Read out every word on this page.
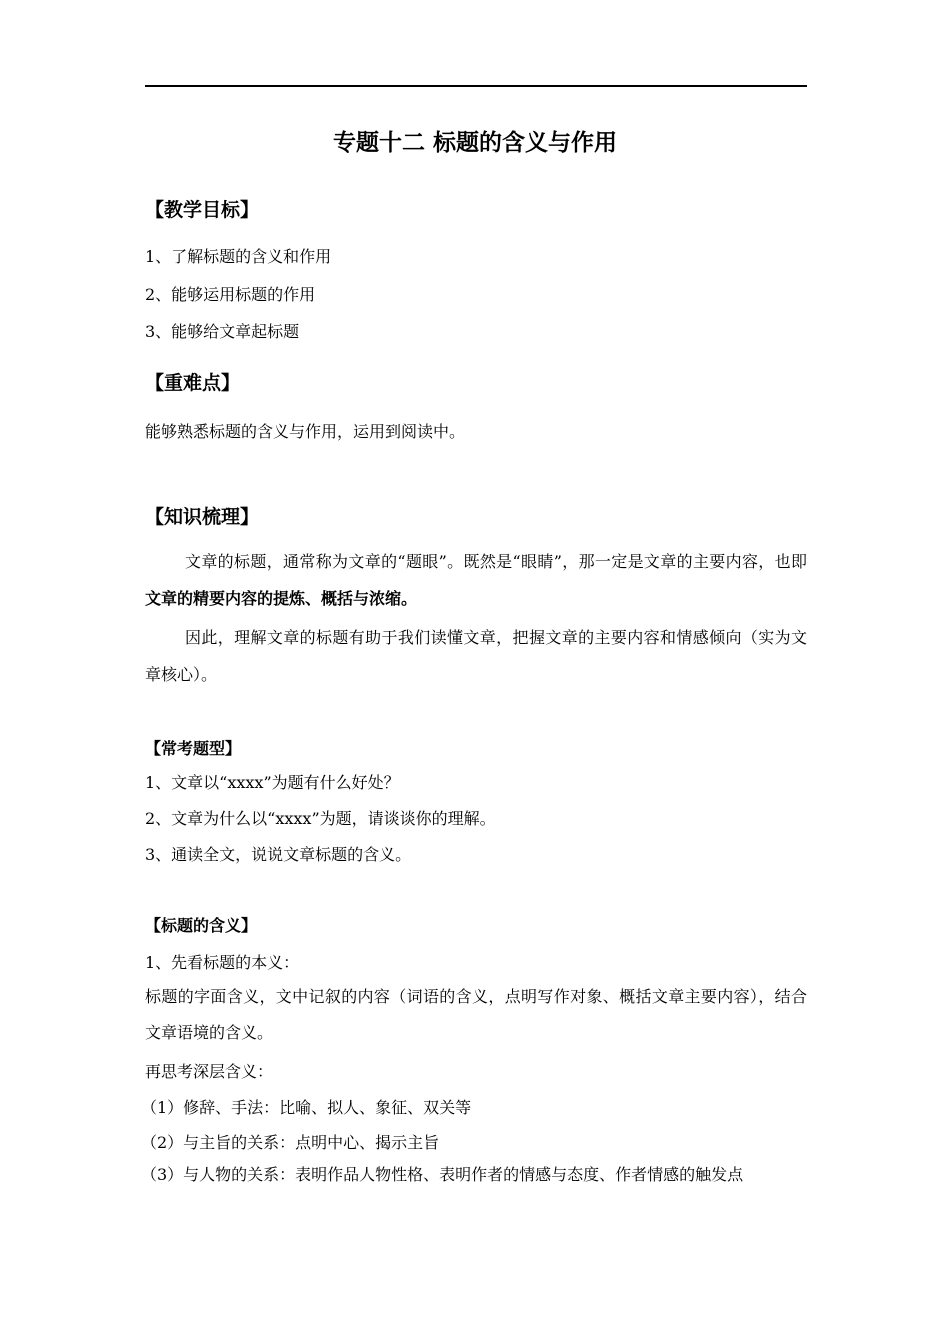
专题十二 标题的含义与作用
【教学目标】
1、了解标题的含义和作用
2、能够运用标题的作用
3、能够给文章起标题
【重难点】
能够熟悉标题的含义与作用，运用到阅读中。
【知识梳理】
文章的标题，通常称为文章的“题眼”。既然是“眼睛”，那一定是文章的主要内容，也即文章的精要内容的提炼、概括与浓缩。
因此，理解文章的标题有助于我们读懂文章，把握文章的主要内容和情感倾向（实为文章核心）。
【常考题型】
1、文章以“xxxx”为题有什么好处？
2、文章为什么以“xxxx”为题，请谈谈你的理解。
3、通读全文，说说文章标题的含义。
【标题的含义】
1、先看标题的本义：
标题的字面含义，文中记叙的内容（词语的含义，点明写作对象、概括文章主要内容），结合文章语境的含义。
再思考深层含义：
（1）修辞、手法：比喻、拟人、象征、双关等
（2）与主旨的关系：点明中心、揭示主旨
（3）与人物的关系：表明作品人物性格、表明作者的情感与态度、作者情感的触发点
